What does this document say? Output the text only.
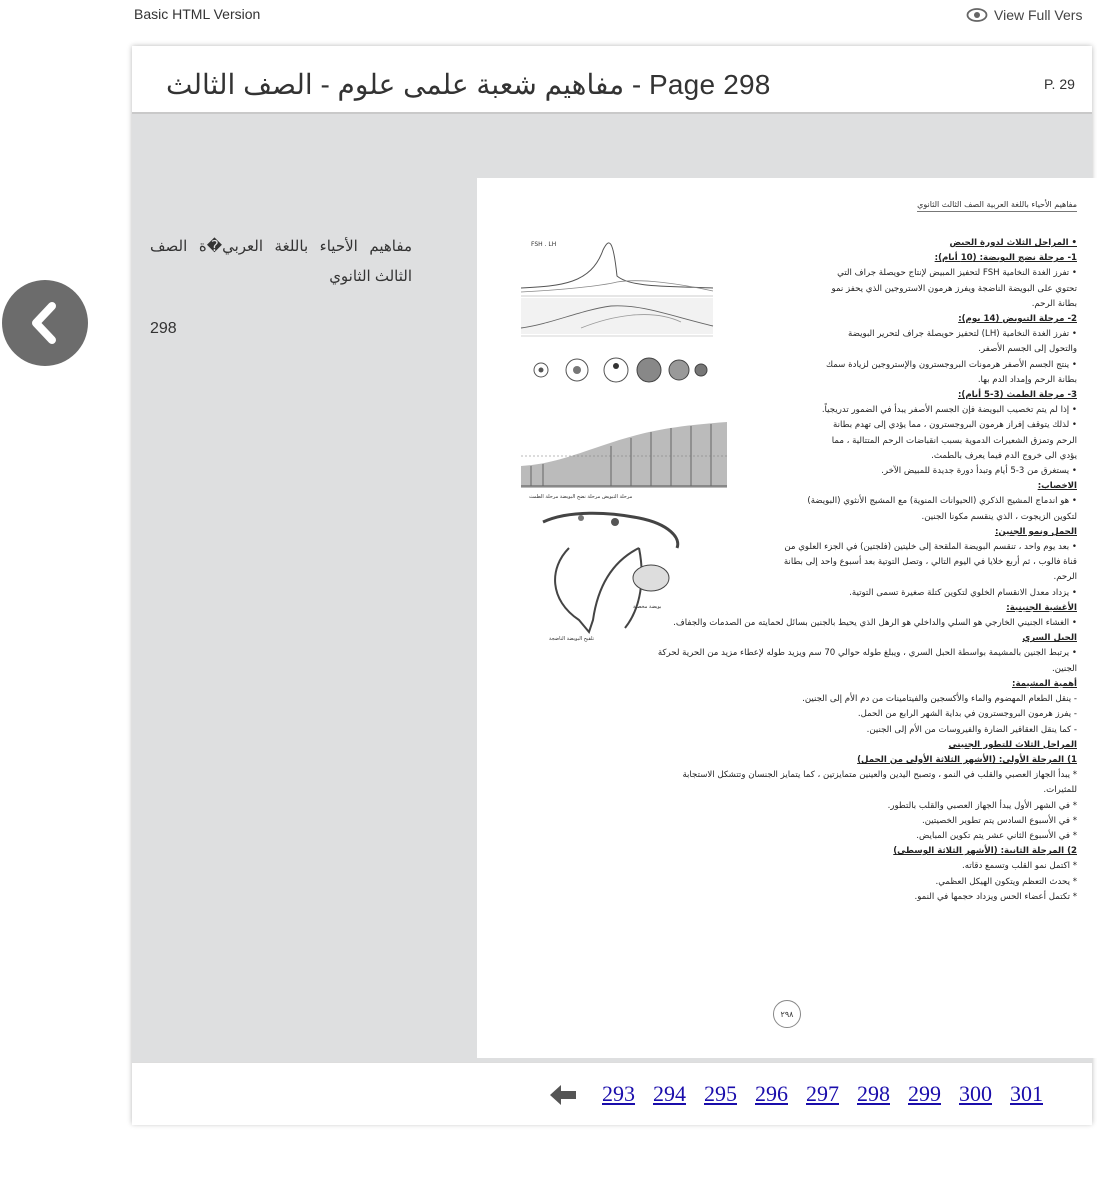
Basic HTML Version	View Full Vers
مفاهيم شعبة علمى علوم - الصف الثالث - Page 298	P. 29
مفاهيم الأحياء باللغة العربي�ة الصف الثالث الثانوي
298
مفاهيم الأحياء باللغة العربية الصف الثالث الثانوي
FSH . LH
مرحلة التبويض مرحلة نضج البويضة مرحلة الطمث
بويضة مخصبة
تلقيح البويضة الناضجة
• المراحل الثلاث لدورة الحيض
1- مرحلة نضج البويضة: (10 أيام):
• تفرز الغدة النخامية FSH لتحفيز المبيض لإنتاج حويصلة جراف التي
تحتوي على البويضة الناضجة ويفرز هرمون الاستروجين الذي يحفز نمو
بطانة الرحم.
2- مرحلة التبويض (14 يوم):
• تفرز الغدة النخامية (LH) لتحفيز حويصلة جراف لتحرير البويضة
والتحول إلى الجسم الأصفر.
• ينتج الجسم الأصفر هرمونات البروجسترون والإستروجين لزيادة سمك
بطانة الرحم وإمداد الدم بها.
3- مرحلة الطمث (3-5 أيام):
• إذا لم يتم تخصيب البويضة فإن الجسم الأصفر يبدأ في الضمور تدريجياً.
• لذلك يتوقف إفراز هرمون البروجسترون ، مما يؤدي إلى تهدم بطانة
الرحم وتمزق الشعيرات الدموية بسبب انقباضات الرحم المتتالية ، مما
يؤدي الى خروج الدم فيما يعرف بالطمث.
• يستغرق من 3-5 أيام وتبدأ دورة جديدة للمبيض الآخر.
الاخصاب:
• هو اندماج المشيج الذكري (الحيوانات المنوية) مع المشيج الأنثوي (البويضة)
لتكوين الزيجوت ، الذي ينقسم مكونا الجنين.
الحمل ونمو الجنين:
• بعد يوم واحد ، تنقسم البويضة الملقحة إلى خليتين (فلجتين) في الجزء العلوي من
قناة فالوب ، ثم أربع خلايا في اليوم التالي ، وتصل التوتية بعد أسبوع واحد إلى بطانة
الرحم.
• يزداد معدل الانقسام الخلوي لتكوين كتلة صغيرة تسمى التوتية.
الأغشية الجنينية:
• الغشاء الجنيني الخارجي هو السلي والداخلي هو الرهل الذي يحيط بالجنين بسائل لحمايته من الصدمات والجفاف.
الحبل السري
• يرتبط الجنين بالمشيمة بواسطة الحبل السري ، ويبلغ طوله حوالي 70 سم ويزيد طوله لإعطاء مزيد من الحرية لحركة
الجنين.
أهمية المشيمة:
- ينقل الطعام المهضوم والماء والأكسجين والفيتامينات من دم الأم إلى الجنين.
- يفرز هرمون البروجسترون في بداية الشهر الرابع من الحمل.
- كما ينقل العقاقير الضارة والفيروسات من الأم إلى الجنين.
المراحل الثلاث للتطور الجنيني
1) المرحلة الأولى: (الأشهر الثلاثة الأولى من الحمل)
* يبدأ الجهاز العصبي والقلب في النمو ، وتصبح اليدين والعينين متمايزتين ، كما يتمايز الجنسان وتتشكل الاستجابة
للمثيرات.
* في الشهر الأول يبدأ الجهاز العصبي والقلب بالتطور.
* في الأسبوع السادس يتم تطوير الخصيتين.
* في الأسبوع الثاني عشر يتم تكوين المبايض.
2) المرحلة الثانية: (الأشهر الثلاثة الوسطى)
* اكتمل نمو القلب وتسمع دقاته.
* يحدث التعظم ويتكون الهيكل العظمي.
* تكتمل أعضاء الحس ويزداد حجمها في النمو.
٢٩٨
293 294 295 296 297 298 299 300 301
